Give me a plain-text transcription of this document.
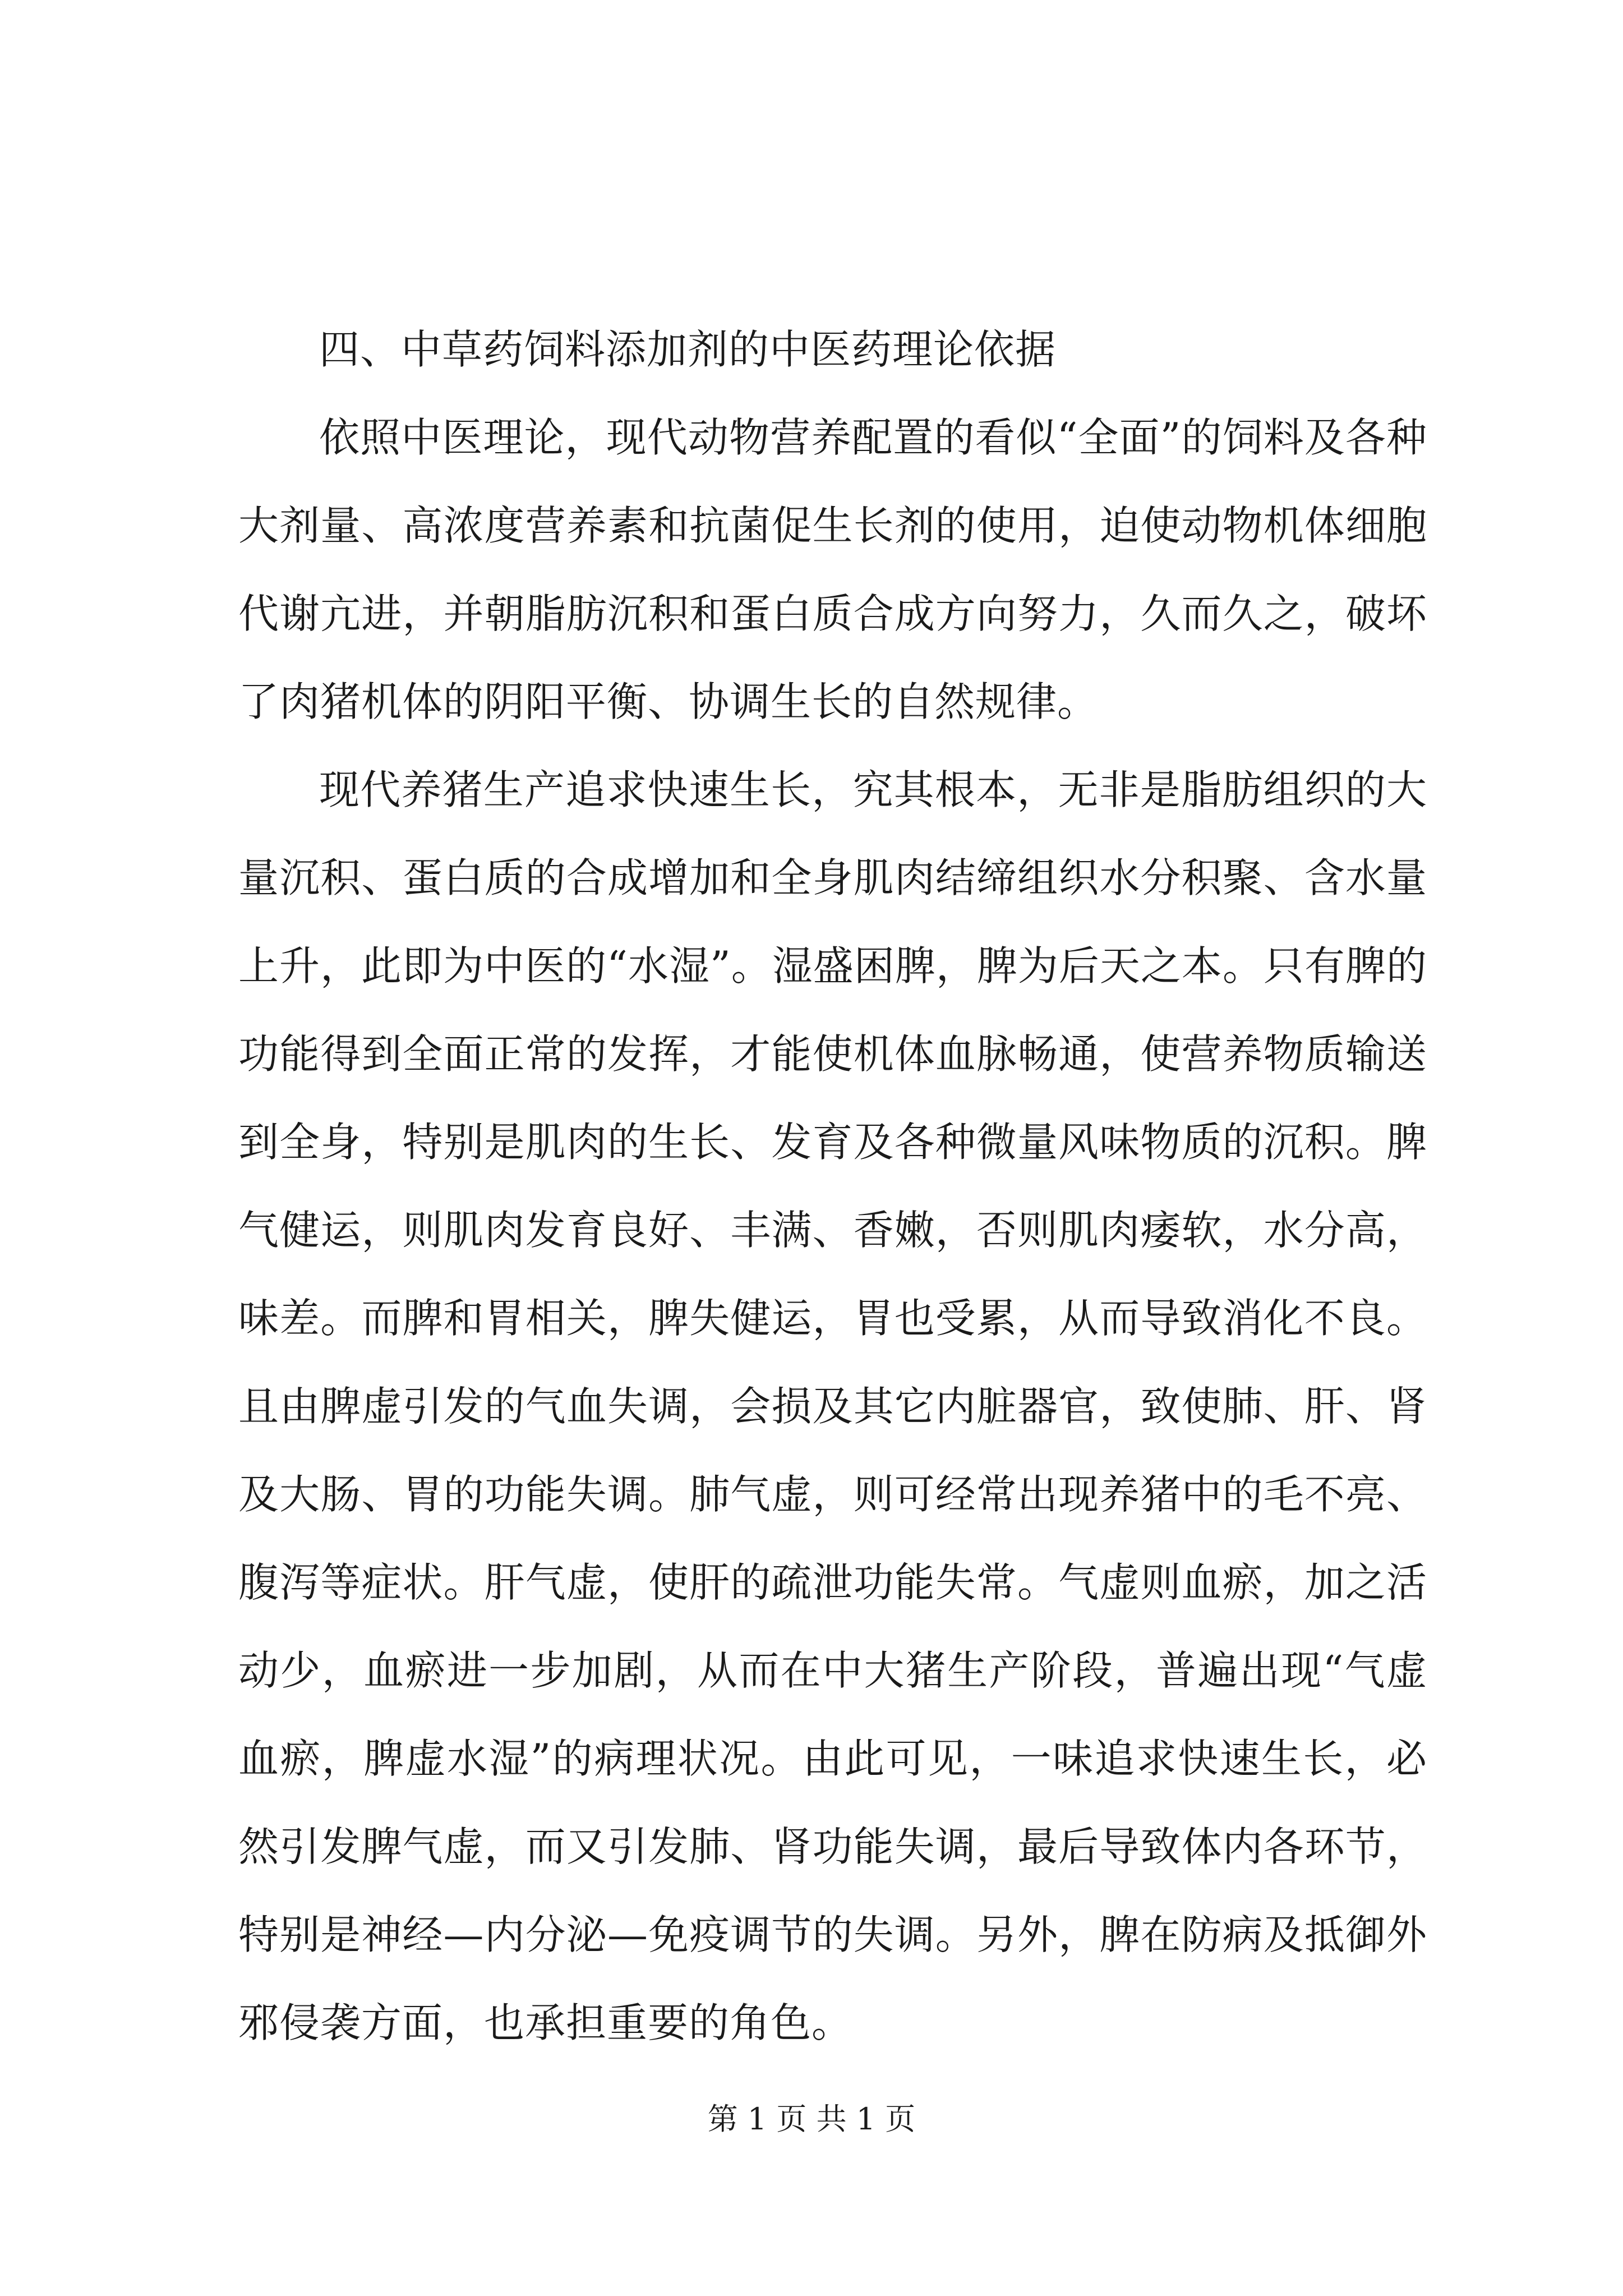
四、中草药饲料添加剂的中医药理论依据

依照中医理论，现代动物营养配置的看似“全面”的饲料及各种大剂量、高浓度营养素和抗菌促生长剂的使用，迫使动物机体细胞代谢亢进，并朝脂肪沉积和蛋白质合成方向努力，久而久之，破坏了肉猪机体的阴阳平衡、协调生长的自然规律。

现代养猪生产追求快速生长，究其根本，无非是脂肪组织的大量沉积、蛋白质的合成增加和全身肌肉结缔组织水分积聚、含水量上升，此即为中医的“水湿”。湿盛困脾，脾为后天之本。只有脾的功能得到全面正常的发挥，才能使机体血脉畅通，使营养物质输送到全身，特别是肌肉的生长、发育及各种微量风味物质的沉积。脾气健运，则肌肉发育良好、丰满、香嫩，否则肌肉痿软，水分高，味差。而脾和胃相关，脾失健运，胃也受累，从而导致消化不良。且由脾虚引发的气血失调，会损及其它内脏器官，致使肺、肝、肾及大肠、胃的功能失调。肺气虚，则可经常出现养猪中的毛不亮、腹泻等症状。肝气虚，使肝的疏泄功能失常。气虚则血瘀，加之活动少，血瘀进一步加剧，从而在中大猪生产阶段，普遍出现“气虚血瘀，脾虚水湿”的病理状况。由此可见，一味追求快速生长，必然引发脾气虚，而又引发肺、肾功能失调，最后导致体内各环节，特别是神经—内分泌—免疫调节的失调。另外，脾在防病及抵御外邪侵袭方面，也承担重要的角色。

第 1 页 共 1 页
